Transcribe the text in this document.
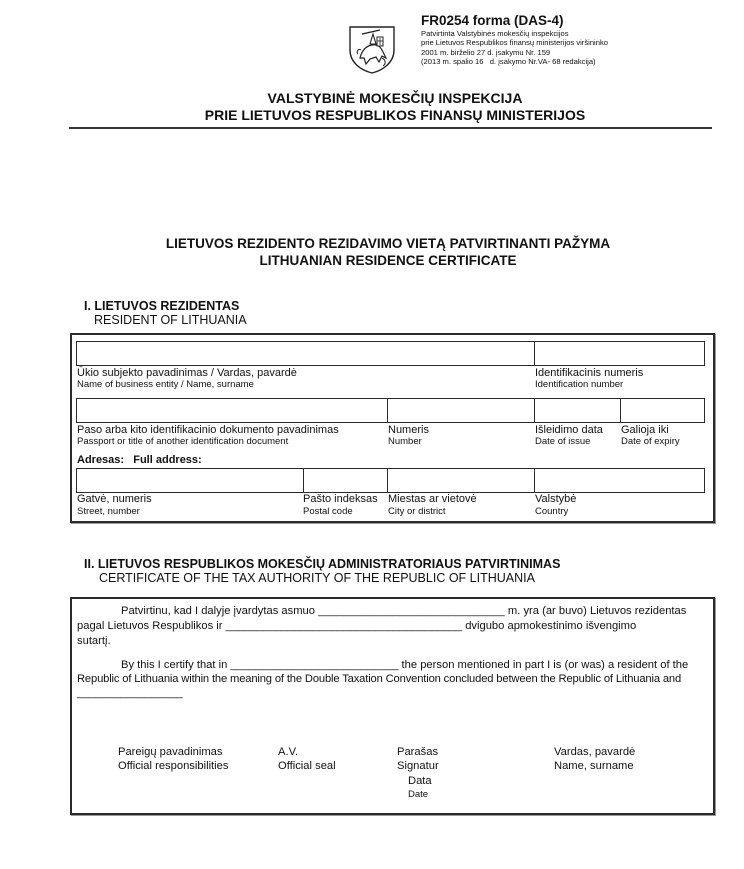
FR0254 forma (DAS-4)
Patvirtinta Valstybinės mokesčių inspekcijos
prie Lietuvos Respublikos finansų ministerijos viršininko
2001 m. birželio 27 d. įsakymu Nr. 159
(2013 m. spalio 16   d. įsakymo Nr.VA- 68 redakcija)
VALSTYBINĖ MOKESČIŲ INSPEKCIJA
PRIE LIETUVOS RESPUBLIKOS FINANSŲ MINISTERIJOS
LIETUVOS REZIDENTO REZIDAVIMO VIETĄ PATVIRTINANTI PAŽYMA
LITHUANIAN RESIDENCE CERTIFICATE
I. LIETUVOS REZIDENTAS
RESIDENT OF LITHUANIA
Ūkio subjekto pavadinimas / Vardas, pavardė
Name of business entity / Name, surname
Identifikacinis numeris
Identification number
Paso arba kito identifikacinio dokumento pavadinimas
Passport or title of another identification document
Numeris
Number
Išleidimo data
Date of issue
Galioja iki
Date of expiry
Adresas:   Full address:
Gatvė, numeris
Street, number
Pašto indeksas
Postal code
Miestas ar vietovė
City or district
Valstybė
Country
II. LIETUVOS RESPUBLIKOS MOKESČIŲ ADMINISTRATORIAUS PATVIRTINIMAS
CERTIFICATE OF THE TAX AUTHORITY OF THE REPUBLIC OF LITHUANIA
Patvirtinu, kad I dalyje įvardytas asmuo ______________________________ m. yra (ar buvo) Lietuvos rezidentas
pagal Lietuvos Respublikos ir ______________________________________ dvigubo apmokestinimo išvengimo
sutartį.
By this I certify that in ___________________________ the person mentioned in part I is (or was) a resident of the
Republic of Lithuania within the meaning of the Double Taxation Convention concluded between the Republic of Lithuania and
_________________
Pareigų pavadinimas
Official responsibilities
A.V.
Official seal
Parašas
Signatur
Data
Date
Vardas, pavardė
Name, surname
